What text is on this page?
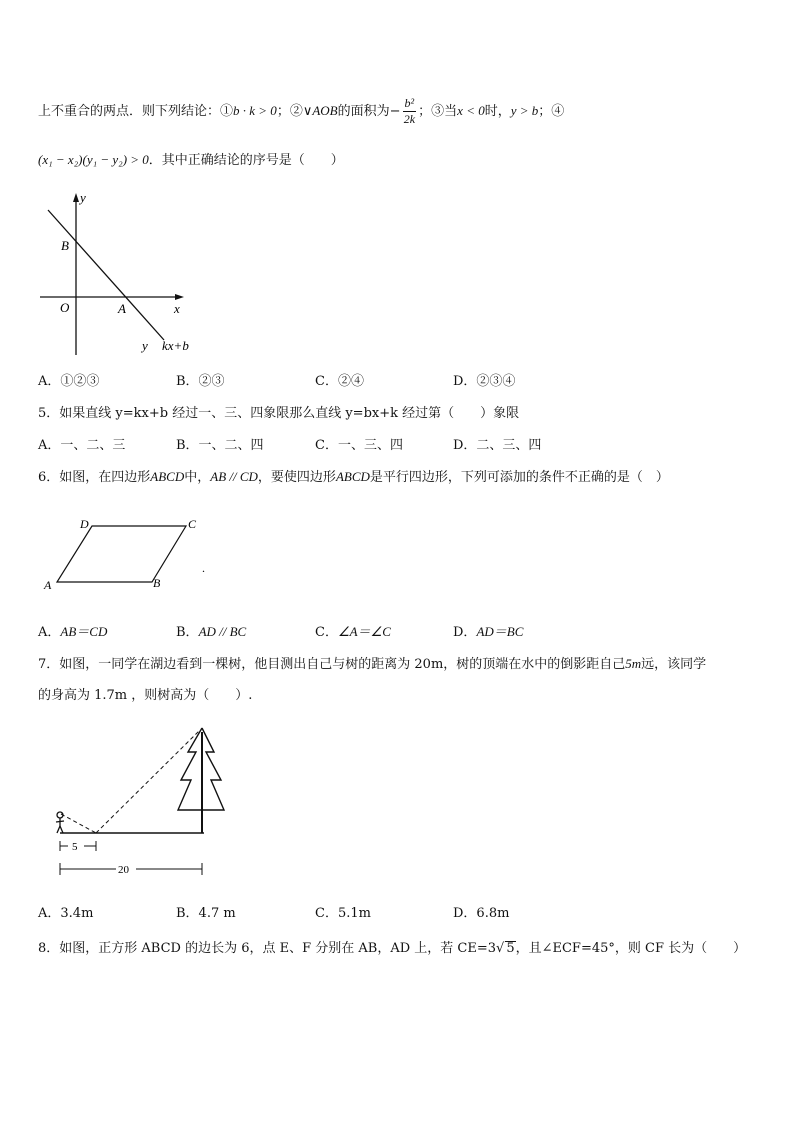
上不重合的两点．则下列结论：①b · k > 0；②∨AOB的面积为− $\frac{\text{b²}}{2k}$ ；③当x < 0时，y > b；④
(x₁ − x₂)(y₁ − y₂) > 0．其中正确结论的序号是（　　）
y
x
O	A
B
y kx+b
A．①②③	B．②③	C．②④	D．②③④
5．如果直线 y=kx+b 经过一、三、四象限那么直线 y=bx+k 经过第（　　）象限
A．一、二、三	B．一、二、四	C．一、三、四	D．二、三、四
6．如图，在四边形ABCD中，AB // CD，要使四边形ABCD是平行四边形，下列可添加的条件不正确的是（　）
A	B
C
D
.
A．AB＝CD	B．AD // BC	C．∠A＝∠C	D．AD＝BC
7．如图，一同学在湖边看到一棵树，他目测出自己与树的距离为 20m，树的顶端在水中的倒影距自己5m远，该同学
的身高为 1.7m ，则树高为（　　）.
5
20
A．3.4m	B．4.7 m	C．5.1m	D．6.8m
8．如图，正方形 ABCD 的边长为 6，点 E、F 分别在 AB，AD 上，若 CE=3√ 5，且∠ECF=45°，则 CF 长为（　　）
